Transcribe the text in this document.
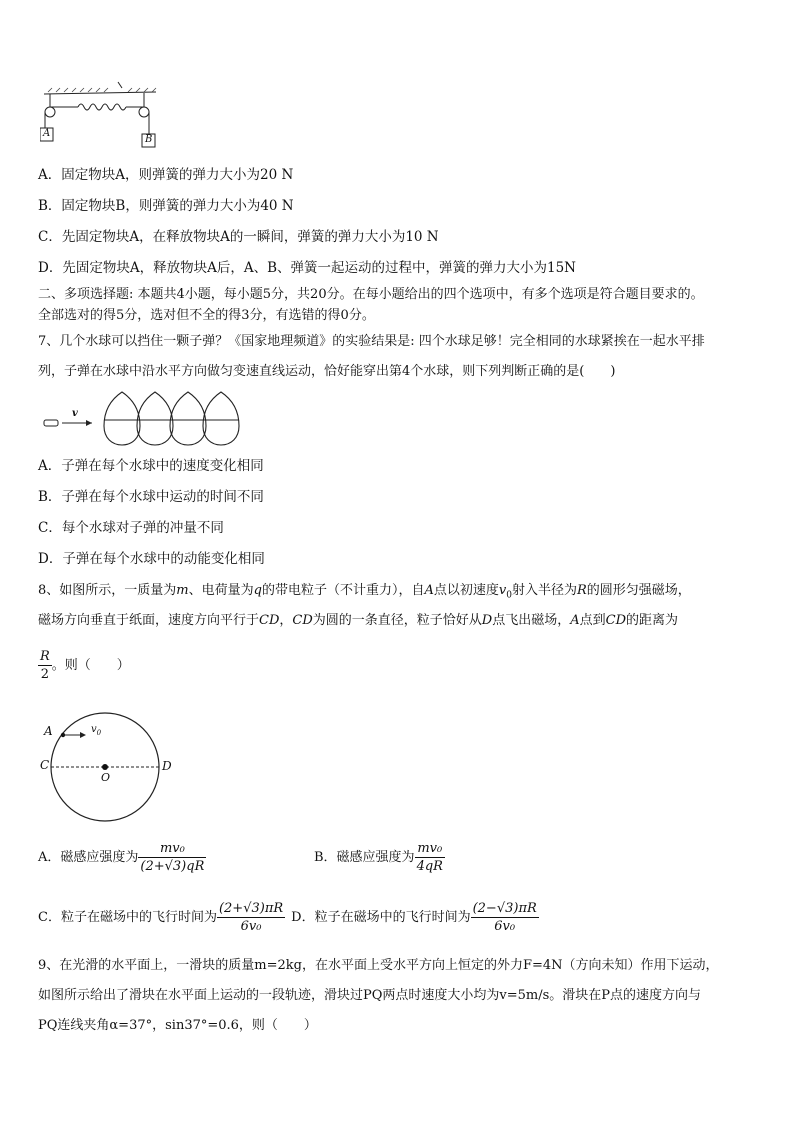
A
B
A．固定物块A，则弹簧的弹力大小为20 N
B．固定物块B，则弹簧的弹力大小为40 N
C．先固定物块A，在释放物块A的一瞬间，弹簧的弹力大小为10 N
D．先固定物块A，释放物块A后，A、B、弹簧一起运动的过程中，弹簧的弹力大小为15N
二、多项选择题: 本题共4小题，每小题5分，共20分。在每小题给出的四个选项中，有多个选项是符合题目要求的。
全部选对的得5分，选对但不全的得3分，有选错的得0分。
7、几个水球可以挡住一颗子弹？《国家地理频道》的实验结果是: 四个水球足够！完全相同的水球紧挨在一起水平排
列，子弹在水球中沿水平方向做匀变速直线运动，恰好能穿出第4个水球，则下列判断正确的是(　　)
v
A．子弹在每个水球中的速度变化相同
B．子弹在每个水球中运动的时间不同
C．每个水球对子弹的冲量不同
D．子弹在每个水球中的动能变化相同
8、如图所示，一质量为m、电荷量为q的带电粒子（不计重力），自A点以初速度$v_0$射入半径为R的圆形匀强磁场，
磁场方向垂直于纸面，速度方向平行于CD，CD为圆的一条直径，粒子恰好从D点飞出磁场，A点到CD的距离为
$\frac{R}{2}$ 。则（　　）
A	$v_0$
C	D
O
A．磁感应强度为 $\frac{\text{mv₀}}{(2+√3)qR}$	B．磁感应强度为 $\frac{\text{mv₀}}{4qR}$
C．粒子在磁场中的飞行时间为 $\frac{(2+√3)\pi R}{\text{6v₀}}$ D．粒子在磁场中的飞行时间为 $\frac{(2-√3)\pi R}{\text{6v₀}}$
9、在光滑的水平面上，一滑块的质量m=2kg，在水平面上受水平方向上恒定的外力F=4N（方向未知）作用下运动，
如图所示给出了滑块在水平面上运动的一段轨迹，滑块过PQ两点时速度大小均为v=5m/s。滑块在P点的速度方向与
PQ连线夹角α=37°，sin37°=0.6，则（　　）
